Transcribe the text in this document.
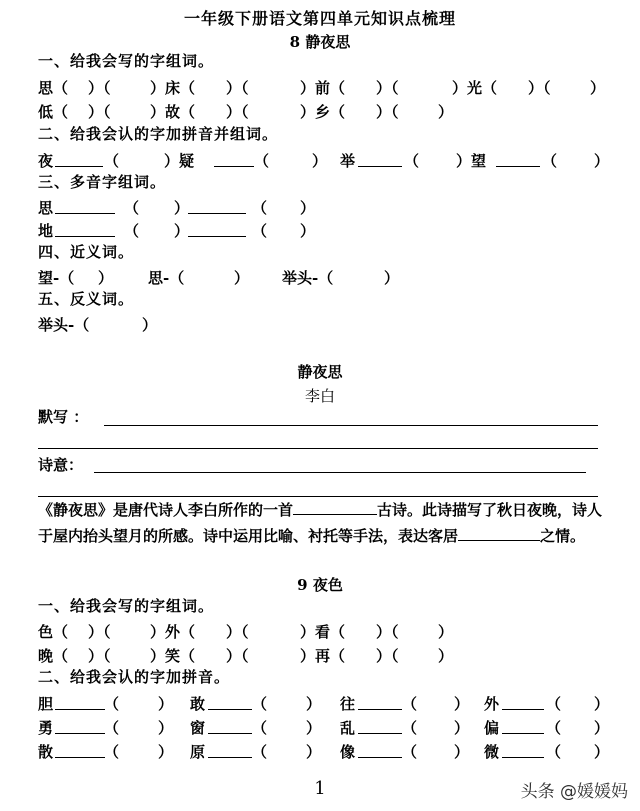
一年级下册语文第四单元知识点梳理
8 静夜思
一、给我会写的字组词。
思（ ）（	）床（ ）（	）前（ ）（	）光（ ）（	）
低（ ）（	）故（ ）（	）乡（ ）（	）
二、给我会认的字加拼音并组词。
夜	（	）疑	（	） 举	（ ）望	（ ）
三、多音字组词。
思	（ ）	（ ）
地	（ ）	（ ）
四、近义词。
望-（ ） 思-（	） 举头-（	）
五、反义词。
举头-（	）
静夜思
李白
默写 ：
诗意：
《静夜思》是唐代诗人李白所作的一首	古诗。此诗描写了秋日夜晚，诗人于屋内抬头望月的所感。诗中运用比喻、衬托等手法，表达客居	之情。
9 夜色
一、给我会写的字组词。
色（ ）（	）外（ ）（	）看（ ）（	）
晚（ ）（	）笑（ ）（	）再（ ）（	）
二、给我会认的字加拼音。
胆	（	） 敢	（	） 往	（ ） 外	（ ）
勇	（	） 窗	（	） 乱	（ ） 偏	（ ）
散	（	） 原	（	） 像	（ ） 微	（ ）
1	头条 @媛媛妈
